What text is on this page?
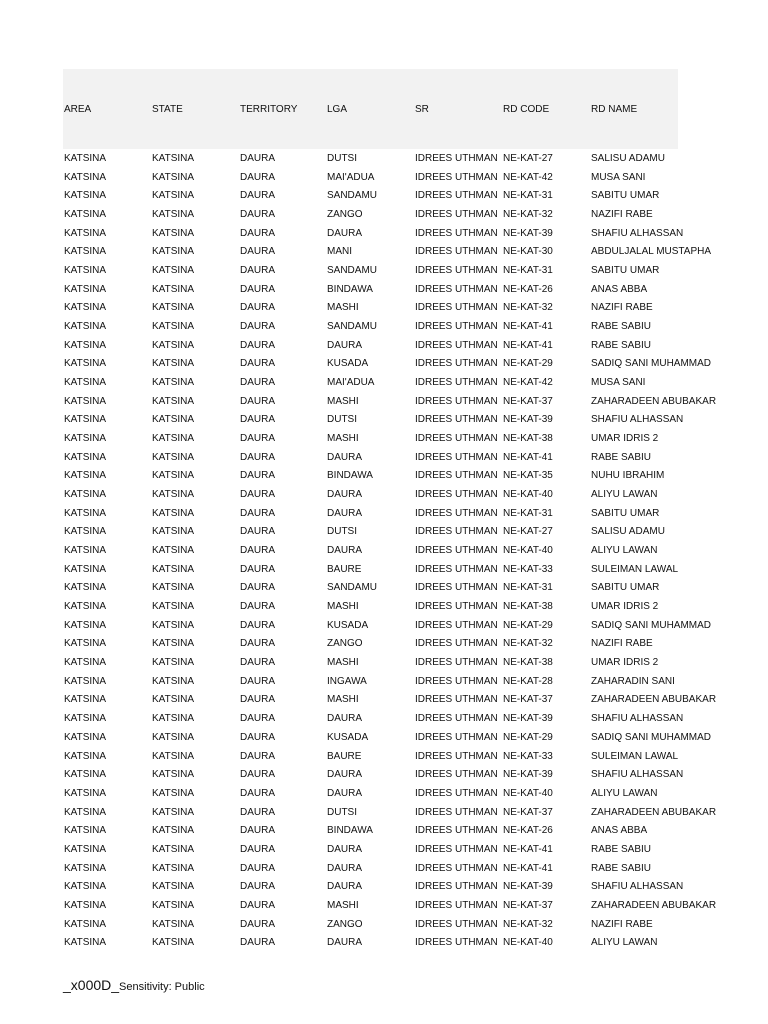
AREA	STATE	TERRITORY	LGA	SR	RD CODE	RD NAME

KATSINA	KATSINA	DAURA	DUTSI	IDREES UTHMAN	NE-KAT-27	SALISU ADAMU
KATSINA	KATSINA	DAURA	MAI'ADUA	IDREES UTHMAN	NE-KAT-42	MUSA SANI
KATSINA	KATSINA	DAURA	SANDAMU	IDREES UTHMAN	NE-KAT-31	SABITU UMAR
KATSINA	KATSINA	DAURA	ZANGO	IDREES UTHMAN	NE-KAT-32	NAZIFI RABE
KATSINA	KATSINA	DAURA	DAURA	IDREES UTHMAN	NE-KAT-39	SHAFIU ALHASSAN
KATSINA	KATSINA	DAURA	MANI	IDREES UTHMAN	NE-KAT-30	ABDULJALAL MUSTAPHA
KATSINA	KATSINA	DAURA	SANDAMU	IDREES UTHMAN	NE-KAT-31	SABITU UMAR
KATSINA	KATSINA	DAURA	BINDAWA	IDREES UTHMAN	NE-KAT-26	ANAS ABBA
KATSINA	KATSINA	DAURA	MASHI	IDREES UTHMAN	NE-KAT-32	NAZIFI RABE
KATSINA	KATSINA	DAURA	SANDAMU	IDREES UTHMAN	NE-KAT-41	RABE SABIU
KATSINA	KATSINA	DAURA	DAURA	IDREES UTHMAN	NE-KAT-41	RABE SABIU
KATSINA	KATSINA	DAURA	KUSADA	IDREES UTHMAN	NE-KAT-29	SADIQ SANI MUHAMMAD
KATSINA	KATSINA	DAURA	MAI'ADUA	IDREES UTHMAN	NE-KAT-42	MUSA SANI
KATSINA	KATSINA	DAURA	MASHI	IDREES UTHMAN	NE-KAT-37	ZAHARADEEN ABUBAKAR
KATSINA	KATSINA	DAURA	DUTSI	IDREES UTHMAN	NE-KAT-39	SHAFIU ALHASSAN
KATSINA	KATSINA	DAURA	MASHI	IDREES UTHMAN	NE-KAT-38	UMAR IDRIS 2
KATSINA	KATSINA	DAURA	DAURA	IDREES UTHMAN	NE-KAT-41	RABE SABIU
KATSINA	KATSINA	DAURA	BINDAWA	IDREES UTHMAN	NE-KAT-35	NUHU IBRAHIM
KATSINA	KATSINA	DAURA	DAURA	IDREES UTHMAN	NE-KAT-40	ALIYU LAWAN
KATSINA	KATSINA	DAURA	DAURA	IDREES UTHMAN	NE-KAT-31	SABITU UMAR
KATSINA	KATSINA	DAURA	DUTSI	IDREES UTHMAN	NE-KAT-27	SALISU ADAMU
KATSINA	KATSINA	DAURA	DAURA	IDREES UTHMAN	NE-KAT-40	ALIYU LAWAN
KATSINA	KATSINA	DAURA	BAURE	IDREES UTHMAN	NE-KAT-33	SULEIMAN LAWAL
KATSINA	KATSINA	DAURA	SANDAMU	IDREES UTHMAN	NE-KAT-31	SABITU UMAR
KATSINA	KATSINA	DAURA	MASHI	IDREES UTHMAN	NE-KAT-38	UMAR IDRIS 2
KATSINA	KATSINA	DAURA	KUSADA	IDREES UTHMAN	NE-KAT-29	SADIQ SANI MUHAMMAD
KATSINA	KATSINA	DAURA	ZANGO	IDREES UTHMAN	NE-KAT-32	NAZIFI RABE
KATSINA	KATSINA	DAURA	MASHI	IDREES UTHMAN	NE-KAT-38	UMAR IDRIS 2
KATSINA	KATSINA	DAURA	INGAWA	IDREES UTHMAN	NE-KAT-28	ZAHARADIN SANI
KATSINA	KATSINA	DAURA	MASHI	IDREES UTHMAN	NE-KAT-37	ZAHARADEEN ABUBAKAR
KATSINA	KATSINA	DAURA	DAURA	IDREES UTHMAN	NE-KAT-39	SHAFIU ALHASSAN
KATSINA	KATSINA	DAURA	KUSADA	IDREES UTHMAN	NE-KAT-29	SADIQ SANI MUHAMMAD
KATSINA	KATSINA	DAURA	BAURE	IDREES UTHMAN	NE-KAT-33	SULEIMAN LAWAL
KATSINA	KATSINA	DAURA	DAURA	IDREES UTHMAN	NE-KAT-39	SHAFIU ALHASSAN
KATSINA	KATSINA	DAURA	DAURA	IDREES UTHMAN	NE-KAT-40	ALIYU LAWAN
KATSINA	KATSINA	DAURA	DUTSI	IDREES UTHMAN	NE-KAT-37	ZAHARADEEN ABUBAKAR
KATSINA	KATSINA	DAURA	BINDAWA	IDREES UTHMAN	NE-KAT-26	ANAS ABBA
KATSINA	KATSINA	DAURA	DAURA	IDREES UTHMAN	NE-KAT-41	RABE SABIU
KATSINA	KATSINA	DAURA	DAURA	IDREES UTHMAN	NE-KAT-41	RABE SABIU
KATSINA	KATSINA	DAURA	DAURA	IDREES UTHMAN	NE-KAT-39	SHAFIU ALHASSAN
KATSINA	KATSINA	DAURA	MASHI	IDREES UTHMAN	NE-KAT-37	ZAHARADEEN ABUBAKAR
KATSINA	KATSINA	DAURA	ZANGO	IDREES UTHMAN	NE-KAT-32	NAZIFI RABE
KATSINA	KATSINA	DAURA	DAURA	IDREES UTHMAN	NE-KAT-40	ALIYU LAWAN
_x000D_Sensitivity: Public
